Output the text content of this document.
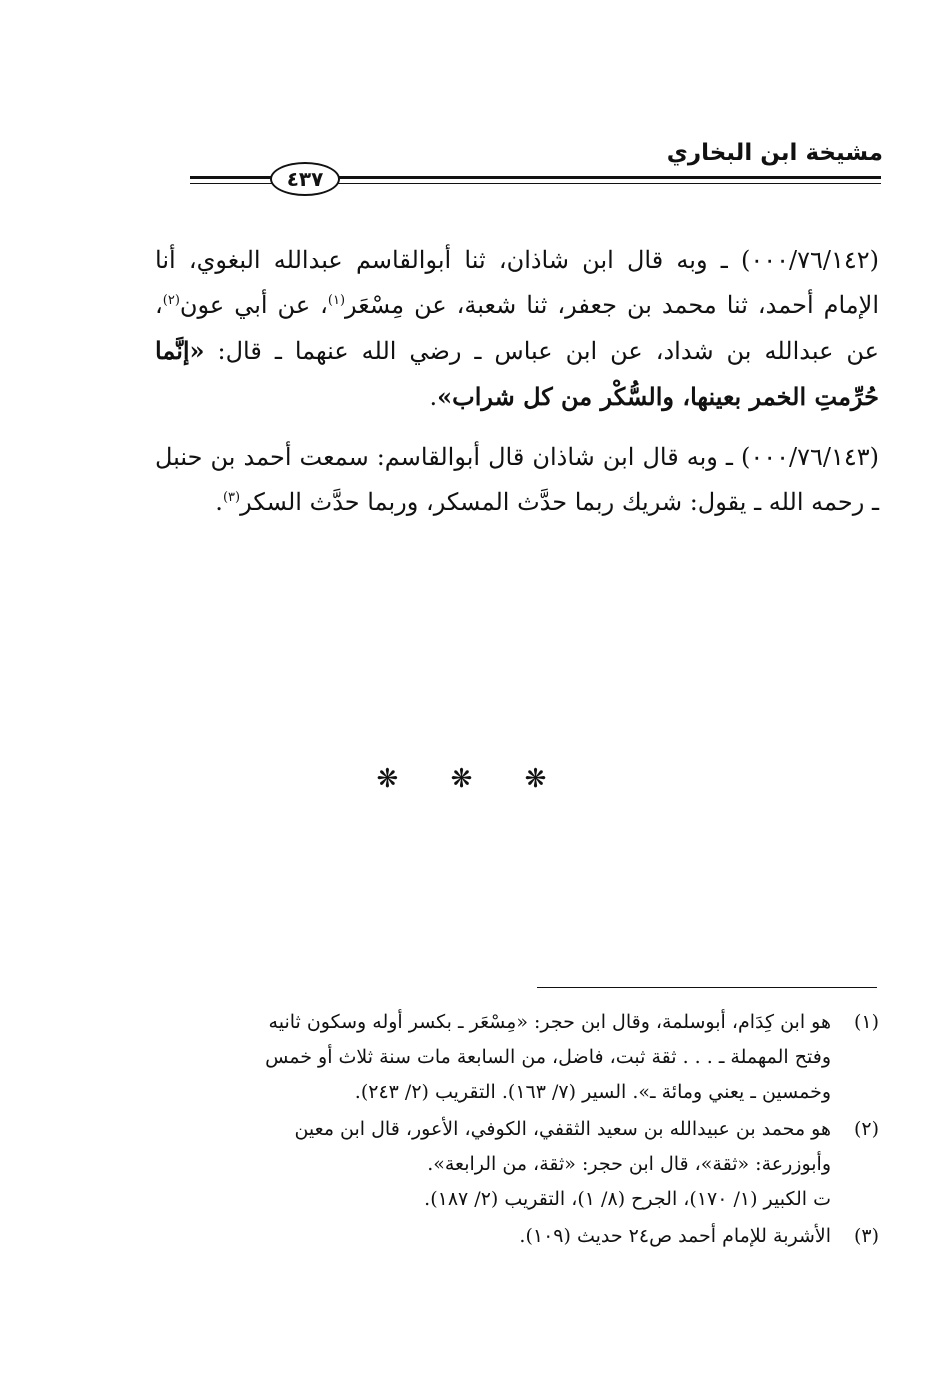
مشيخة ابن البخاري
٤٣٧

(٠٠٠/٧٦/١٤٢) ـ وبه قال ابن شاذان، ثنا أبوالقاسم عبدالله البغوي، أنا الإمام أحمد، ثنا محمد بن جعفر، ثنا شعبة، عن مِسْعَر$^{(١)}$، عن أبي عون$^{(٢)}$، عن عبدالله بن شداد، عن ابن عباس ـ رضي الله عنهما ـ قال: «إنَّما حُرِّمتِ الخمر بعينها، والسُّكْر من كل شراب».

(٠٠٠/٧٦/١٤٣) ـ وبه قال ابن شاذان قال أبوالقاسم: سمعت أحمد بن حنبل ـ رحمه الله ـ يقول: شريك ربما حدَّث المسكر، وربما حدَّث السكر$^{(٣)}$.

❋ ❋ ❋
(١)
هو ابن كِدَام، أبوسلمة، وقال ابن حجر: «مِسْعَر ـ بكسر أوله وسكون ثانيه
وفتح المهملة ـ . . . ثقة ثبت، فاضل، من السابعة مات سنة ثلاث أو خمس
وخمسين ـ يعني ومائة ـ». السير (٧/ ١٦٣). التقريب (٢/ ٢٤٣).
(٢)
هو محمد بن عبيدالله بن سعيد الثقفي، الكوفي، الأعور، قال ابن معين
وأبوزرعة: «ثقة»، قال ابن حجر: «ثقة، من الرابعة».
ت الكبير (١/ ١٧٠)، الجرح (٨/ ١)، التقريب (٢/ ١٨٧).
(٣)
الأشربة للإمام أحمد ص٢٤ حديث (١٠٩).
